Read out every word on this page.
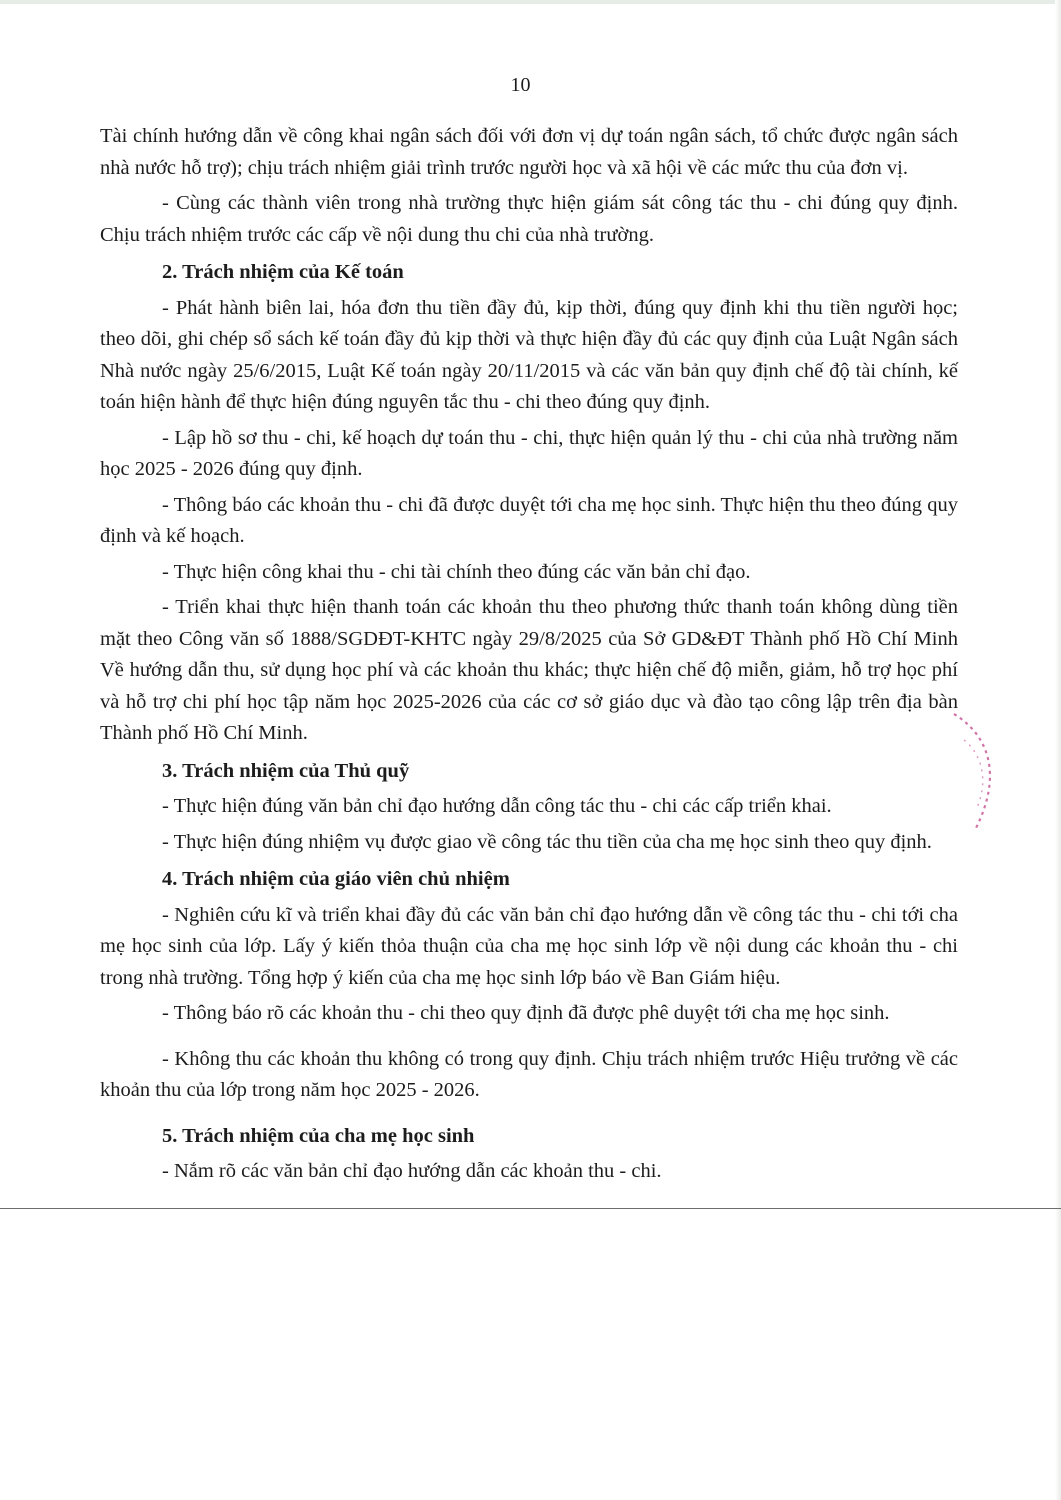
10

Tài chính hướng dẫn về công khai ngân sách đối với đơn vị dự toán ngân sách, tổ chức được ngân sách nhà nước hỗ trợ); chịu trách nhiệm giải trình trước người học và xã hội về các mức thu của đơn vị.

- Cùng các thành viên trong nhà trường thực hiện giám sát công tác thu - chi đúng quy định. Chịu trách nhiệm trước các cấp về nội dung thu chi của nhà trường.

2. Trách nhiệm của Kế toán

- Phát hành biên lai, hóa đơn thu tiền đầy đủ, kịp thời, đúng quy định khi thu tiền người học; theo dõi, ghi chép sổ sách kế toán đầy đủ kịp thời và thực hiện đầy đủ các quy định của Luật Ngân sách Nhà nước ngày 25/6/2015, Luật Kế toán ngày 20/11/2015 và các văn bản quy định chế độ tài chính, kế toán hiện hành để thực hiện đúng nguyên tắc thu - chi theo đúng quy định.

- Lập hồ sơ thu - chi, kế hoạch dự toán thu - chi, thực hiện quản lý thu - chi của nhà trường năm học 2025 - 2026 đúng quy định.

- Thông báo các khoản thu - chi đã được duyệt tới cha mẹ học sinh. Thực hiện thu theo đúng quy định và kế hoạch.

- Thực hiện công khai thu - chi tài chính theo đúng các văn bản chỉ đạo.

- Triển khai thực hiện thanh toán các khoản thu theo phương thức thanh toán không dùng tiền mặt theo Công văn số 1888/SGDĐT-KHTC ngày 29/8/2025 của Sở GD&ĐT Thành phố Hồ Chí Minh Về hướng dẫn thu, sử dụng học phí và các khoản thu khác; thực hiện chế độ miễn, giảm, hỗ trợ học phí và hỗ trợ chi phí học tập năm học 2025-2026 của các cơ sở giáo dục và đào tạo công lập trên địa bàn Thành phố Hồ Chí Minh.

3. Trách nhiệm của Thủ quỹ

- Thực hiện đúng văn bản chỉ đạo hướng dẫn công tác thu - chi các cấp triển khai.

- Thực hiện đúng nhiệm vụ được giao về công tác thu tiền của cha mẹ học sinh theo quy định.

4. Trách nhiệm của giáo viên chủ nhiệm

- Nghiên cứu kĩ và triển khai đầy đủ các văn bản chỉ đạo hướng dẫn về công tác thu - chi tới cha mẹ học sinh của lớp. Lấy ý kiến thỏa thuận của cha mẹ học sinh lớp về nội dung các khoản thu - chi trong nhà trường. Tổng hợp ý kiến của cha mẹ học sinh lớp báo về Ban Giám hiệu.

- Thông báo rõ các khoản thu - chi theo quy định đã được phê duyệt tới cha mẹ học sinh.

- Không thu các khoản thu không có trong quy định. Chịu trách nhiệm trước Hiệu trưởng về các khoản thu của lớp trong năm học 2025 - 2026.

5. Trách nhiệm của cha mẹ học sinh

- Nắm rõ các văn bản chỉ đạo hướng dẫn các khoản thu - chi.
